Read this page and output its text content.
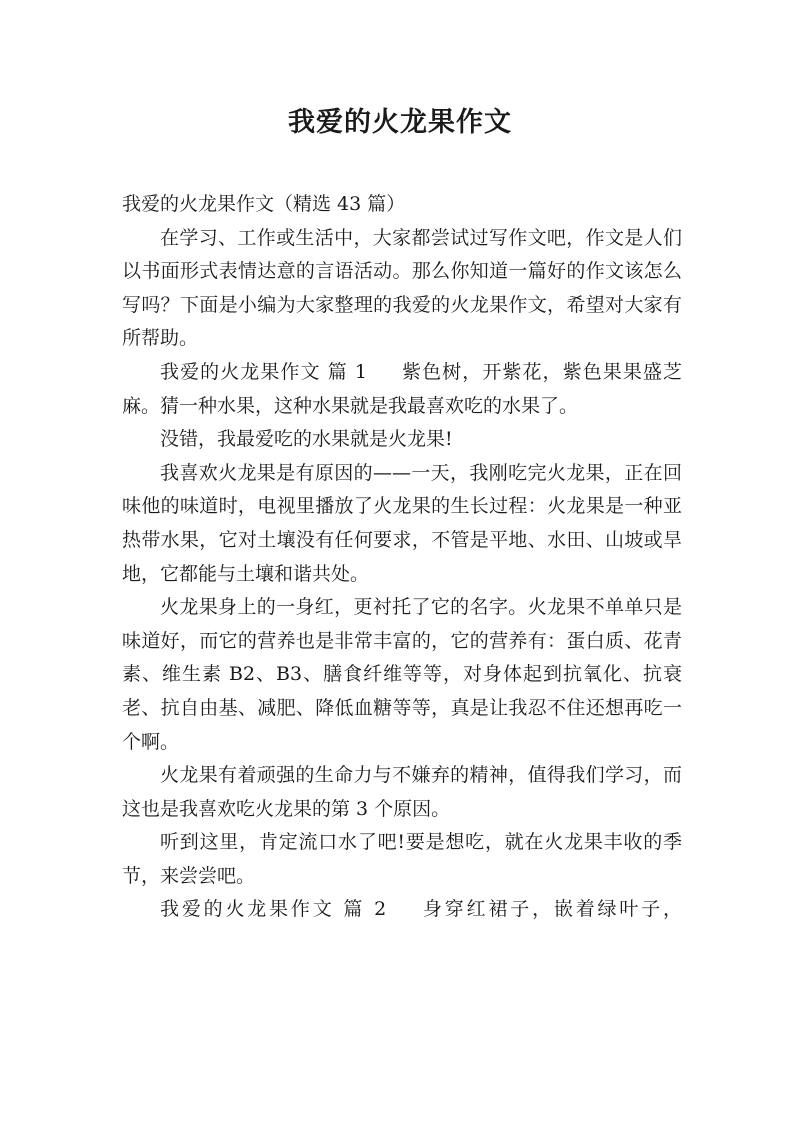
我爱的火龙果作文

我爱的火龙果作文（精选 43 篇）

在学习、工作或生活中，大家都尝试过写作文吧，作文是人们以书面形式表情达意的言语活动。那么你知道一篇好的作文该怎么写吗？下面是小编为大家整理的我爱的火龙果作文，希望对大家有所帮助。

我爱的火龙果作文 篇 1 紫色树，开紫花，紫色果果盛芝麻。猜一种水果，这种水果就是我最喜欢吃的水果了。

没错，我最爱吃的水果就是火龙果!

我喜欢火龙果是有原因的——一天，我刚吃完火龙果，正在回味他的味道时，电视里播放了火龙果的生长过程：火龙果是一种亚热带水果，它对土壤没有任何要求，不管是平地、水田、山坡或旱地，它都能与土壤和谐共处。

火龙果身上的一身红，更衬托了它的名字。火龙果不单单只是味道好，而它的营养也是非常丰富的，它的营养有：蛋白质、花青素、维生素 B2、B3、膳食纤维等等，对身体起到抗氧化、抗衰老、抗自由基、减肥、降低血糖等等，真是让我忍不住还想再吃一个啊。

火龙果有着顽强的生命力与不嫌弃的精神，值得我们学习，而这也是我喜欢吃火龙果的第 3 个原因。

听到这里，肯定流口水了吧!要是想吃，就在火龙果丰收的季节，来尝尝吧。

我爱的火龙果作文 篇 2 身穿红裙子，嵌着绿叶子，
